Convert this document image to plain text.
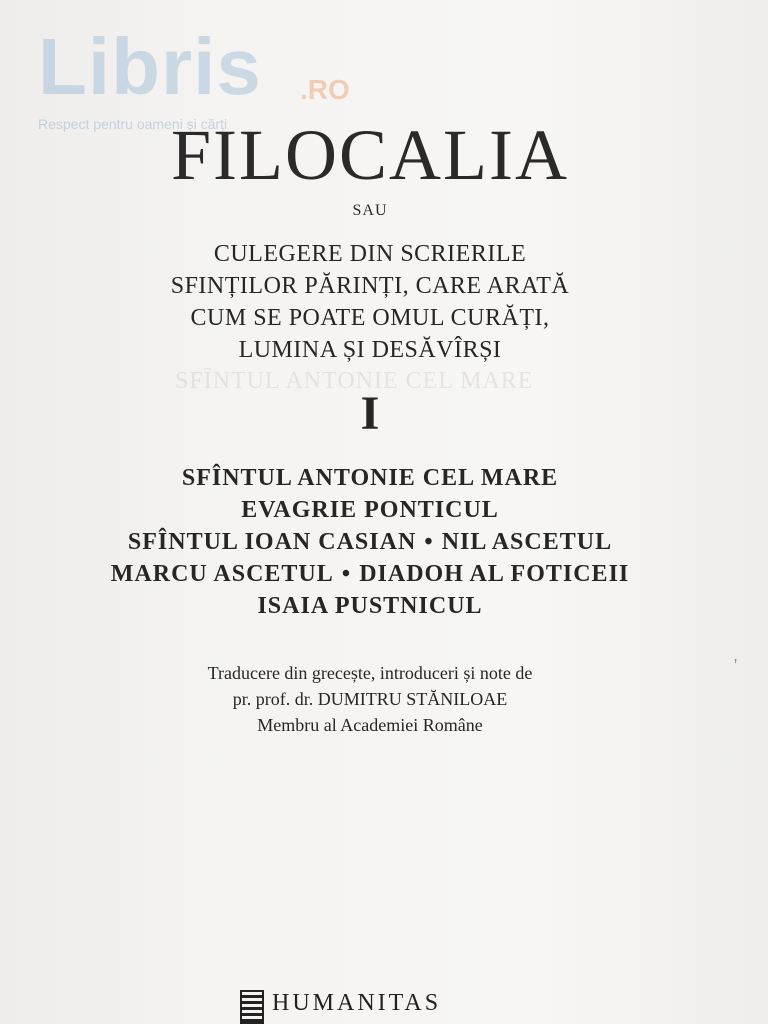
SFÎNTUL ANTONIE CEL MARE
Libris .RO
Respect pentru oameni și cărți
FILOCALIA
SAU
CULEGERE DIN SCRIERILE
SFINȚILOR PĂRINȚI, CARE ARATĂ
CUM SE POATE OMUL CURĂȚI,
LUMINA ȘI DESĂVÎRȘI
I
SFÎNTUL ANTONIE CEL MARE
EVAGRIE PONTICUL
SFÎNTUL IOAN CASIAN • NIL ASCETUL
MARCU ASCETUL • DIADOH AL FOTICEII
ISAIA PUSTNICUL
Traducere din grecește, introduceri și note de
pr. prof. dr. DUMITRU STĂNILOAE
Membru al Academiei Române
'
HUMANITAS
